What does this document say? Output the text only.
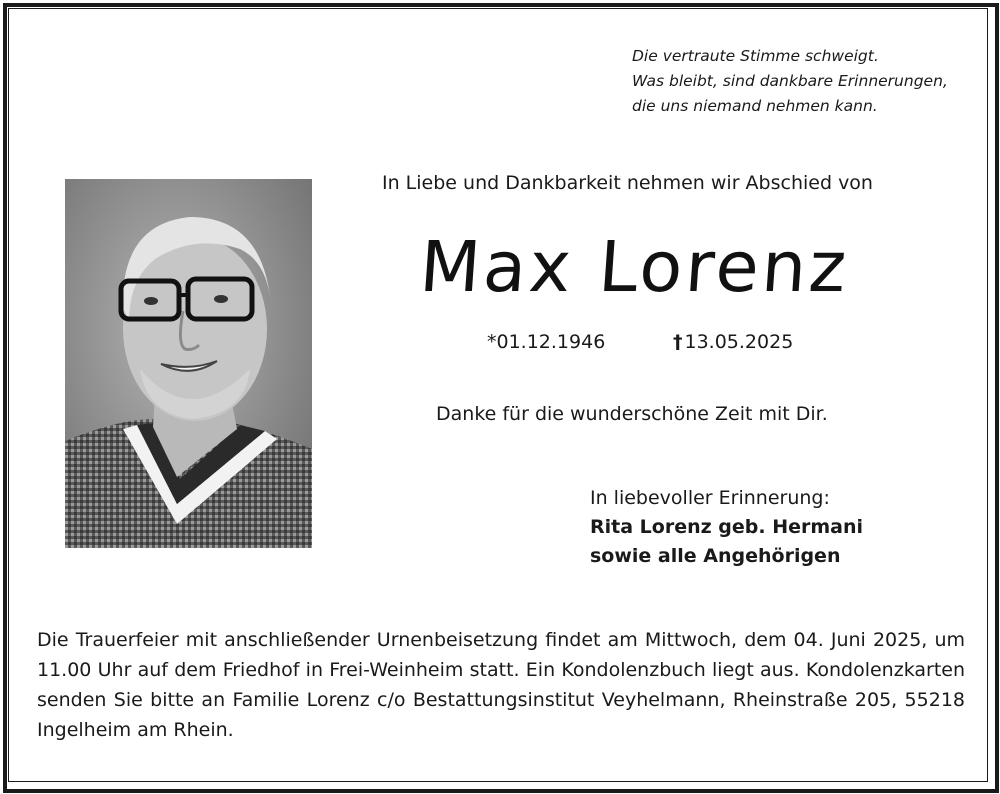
Die vertraute Stimme schweigt.
Was bleibt, sind dankbare Erinnerungen,
die uns niemand nehmen kann.
In Liebe und Dankbarkeit nehmen wir Abschied von
Max Lorenz
*01.12.1946	† 13.05.2025
Danke für die wunderschöne Zeit mit Dir.
In liebevoller Erinnerung:
Rita Lorenz geb. Hermani
sowie alle Angehörigen
Die Trauerfeier mit anschließender Urnenbeisetzung findet am Mittwoch, dem 04. Juni 2025, um 11.00 Uhr auf dem Friedhof in Frei-Weinheim statt. Ein Kondolenzbuch liegt aus. Kondolenzkarten senden Sie bitte an Familie Lorenz c/o Bestattungsinstitut Veyhelmann, Rheinstraße 205, 55218 Ingelheim am Rhein.
